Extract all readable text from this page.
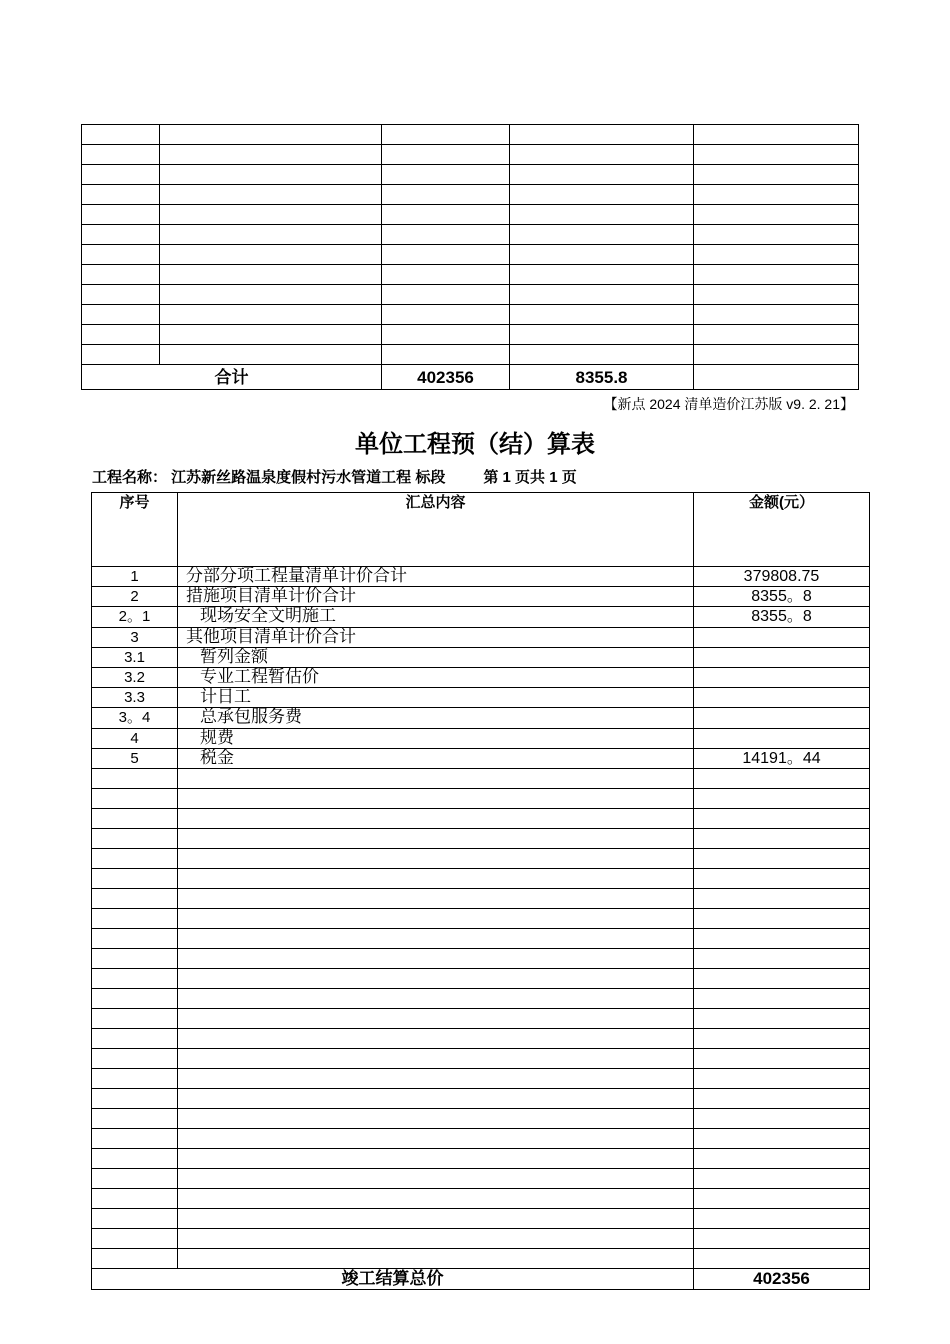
合计		402356	8355.8	
【新点 2024 清单造价江苏版 v9. 2. 21】
单位工程预（结）算表
工程名称： 江苏新丝路温泉度假村污水管道工程 标段	第 1 页共 1 页
序号	汇总内容	金额(元）
1	分部分项工程量清单计价合计	379808.75
2	措施项目清单计价合计	8355。8
2。1	现场安全文明施工	8355。8
3	其他项目清单计价合计	
3.1	暂列金额	
3.2	专业工程暂估价	
3.3	计日工	
3。4	总承包服务费	
4	规费	
5	税金	14191。44

竣工结算总价		402356
